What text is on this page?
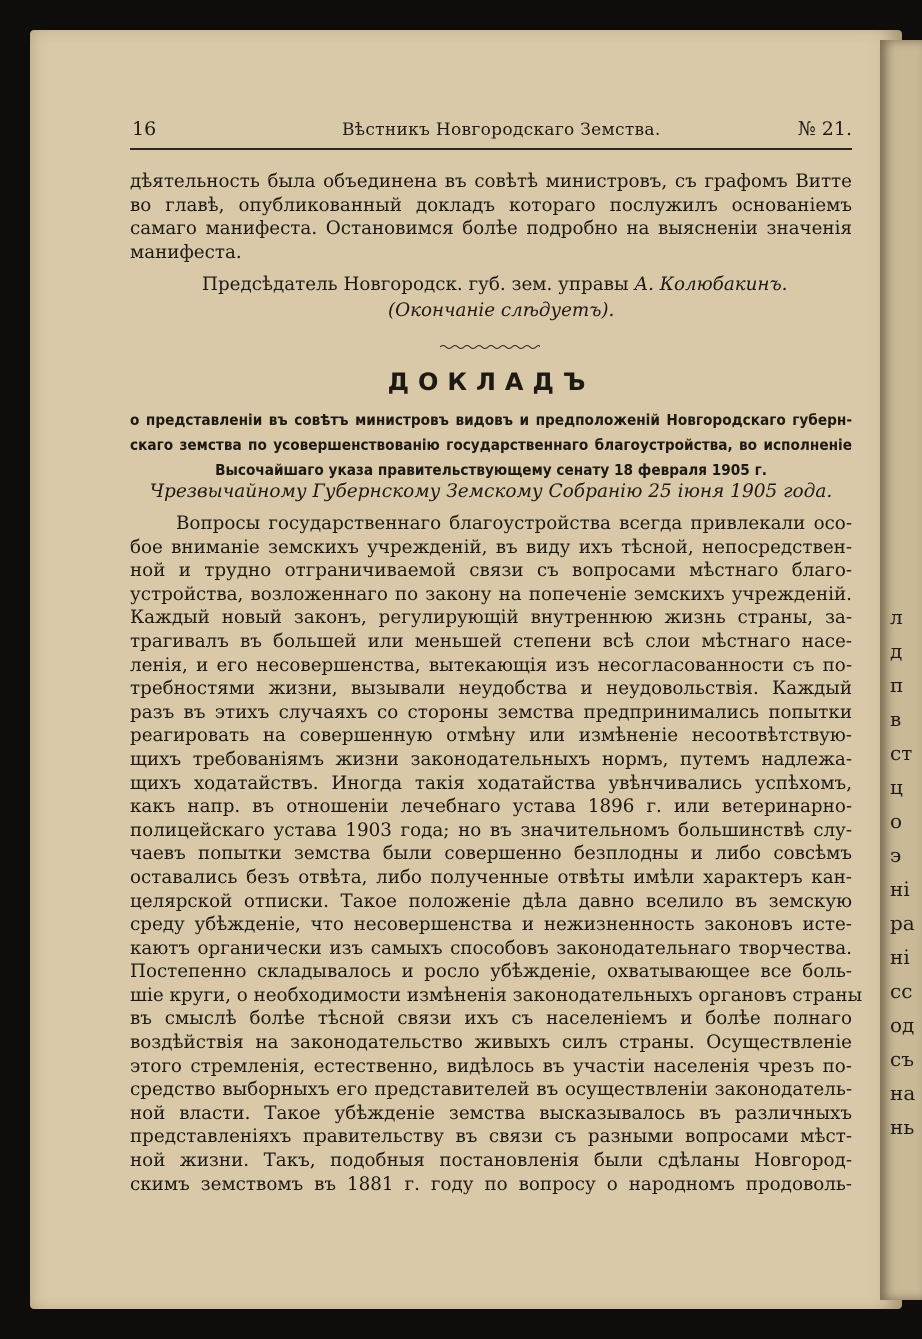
л
д
п
в
ст
ц
о
э
ні
ра
ні
сс
од
съ
на
нь
16	Вѣстникъ Новгородскаго Земства.	№ 21.
дѣятельность была объединена въ совѣтѣ министровъ, съ графомъ Витте
во главѣ, опубликованный докладъ котораго послужилъ основаніемъ
самаго манифеста. Остановимся болѣе подробно на выясненіи значенія
манифеста.
Предсѣдатель Новгородск. губ. зем. управы А. Колюбакинъ.
(Окончаніе слѣдуетъ).
ДОКЛАДЪ
о представленіи въ совѣтъ министровъ видовъ и предположеній Новгородскаго губерн-
скаго земства по усовершенствованію государственнаго благоустройства, во исполненіе
Высочайшаго указа правительствующему сенату 18 февраля 1905 г.
Чрезвычайному Губернскому Земскому Собранію 25 іюня 1905 года.
Вопросы государственнаго благоустройства всегда привлекали осо-
бое вниманіе земскихъ учрежденій, въ виду ихъ тѣсной, непосредствен-
ной и трудно отграничиваемой связи съ вопросами мѣстнаго благо-
устройства, возложеннаго по закону на попеченіе земскихъ учрежденій.
Каждый новый законъ, регулирующій внутреннюю жизнь страны, за-
трагивалъ въ большей или меньшей степени всѣ слои мѣстнаго насе-
ленія, и его несовершенства, вытекающія изъ несогласованности съ по-
требностями жизни, вызывали неудобства и неудовольствія. Каждый
разъ въ этихъ случаяхъ со стороны земства предпринимались попытки
реагировать на совершенную отмѣну или измѣненіе несоотвѣтствую-
щихъ требованіямъ жизни законодательныхъ нормъ, путемъ надлежа-
щихъ ходатайствъ. Иногда такія ходатайства увѣнчивались успѣхомъ,
какъ напр. въ отношеніи лечебнаго устава 1896 г. или ветеринарно-
полицейскаго устава 1903 года; но въ значительномъ большинствѣ слу-
чаевъ попытки земства были совершенно безплодны и либо совсѣмъ
оставались безъ отвѣта, либо полученные отвѣты имѣли характеръ кан-
целярской отписки. Такое положеніе дѣла давно вселило въ земскую
среду убѣжденіе, что несовершенства и нежизненность законовъ исте-
каютъ органически изъ самыхъ способовъ законодательнаго творчества.
Постепенно складывалось и росло убѣжденіе, охватывающее все боль-
шіе круги, о необходимости измѣненія законодательныхъ органовъ страны
въ смыслѣ болѣе тѣсной связи ихъ съ населеніемъ и болѣе полнаго
воздѣйствія на законодательство живыхъ силъ страны. Осуществленіе
этого стремленія, естественно, видѣлось въ участіи населенія чрезъ по-
средство выборныхъ его представителей въ осуществленіи законодатель-
ной власти. Такое убѣжденіе земства высказывалось въ различныхъ
представленіяхъ правительству въ связи съ разными вопросами мѣст-
ной жизни. Такъ, подобныя постановленія были сдѣланы Новгород-
скимъ земствомъ въ 1881 г. году по вопросу о народномъ продоволь-
